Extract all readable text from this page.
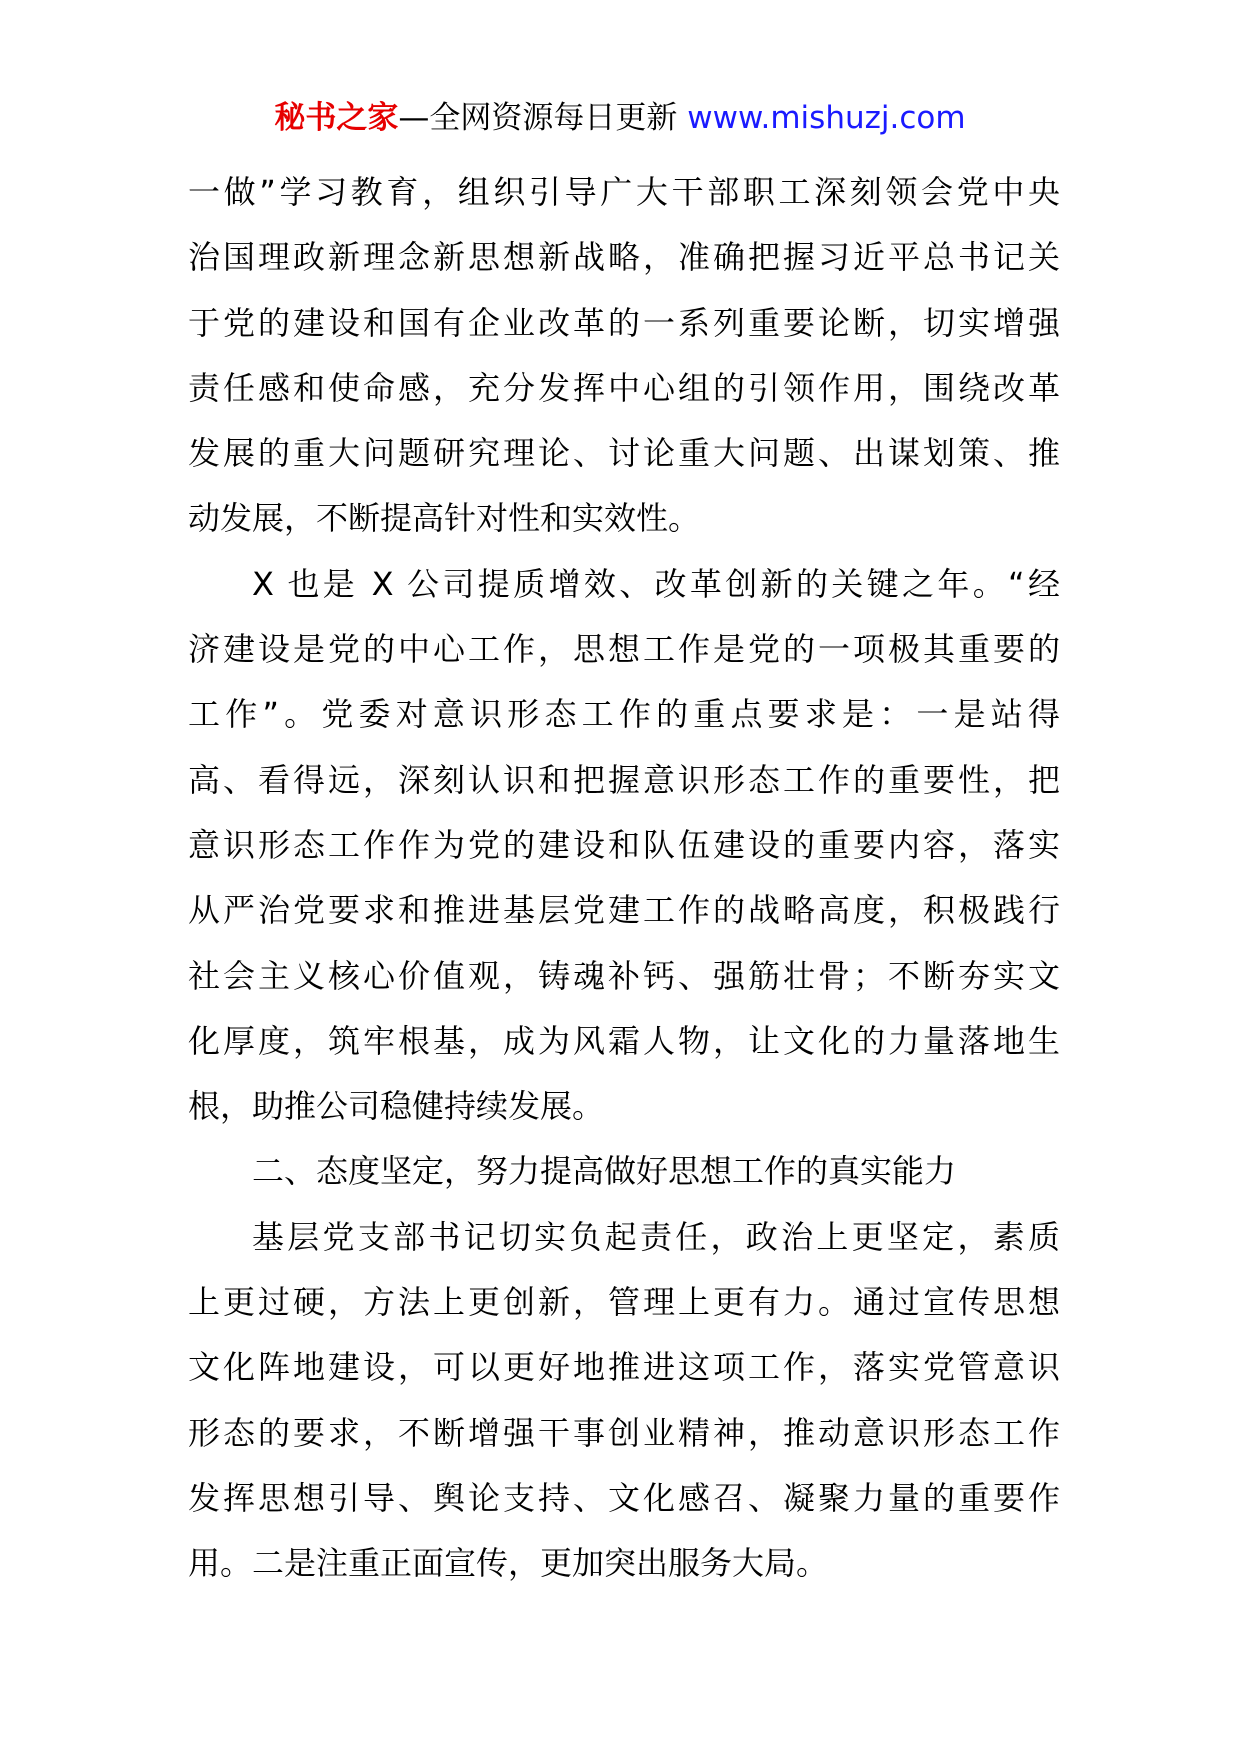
秘书之家—全网资源每日更新 www.mishuzj.com
一做”学习教育，组织引导广大干部职工深刻领会党中央
治国理政新理念新思想新战略，准确把握习近平总书记关
于党的建设和国有企业改革的一系列重要论断，切实增强
责任感和使命感，充分发挥中心组的引领作用，围绕改革
发展的重大问题研究理论、讨论重大问题、出谋划策、推
动发展，不断提高针对性和实效性。
X 也是 X 公司提质增效、改革创新的关键之年。“经
济建设是党的中心工作，思想工作是党的一项极其重要的
工作”。党委对意识形态工作的重点要求是：一是站得
高、看得远，深刻认识和把握意识形态工作的重要性，把
意识形态工作作为党的建设和队伍建设的重要内容，落实
从严治党要求和推进基层党建工作的战略高度，积极践行
社会主义核心价值观，铸魂补钙、强筋壮骨；不断夯实文
化厚度，筑牢根基，成为风霜人物，让文化的力量落地生
根，助推公司稳健持续发展。
二、态度坚定，努力提高做好思想工作的真实能力
基层党支部书记切实负起责任，政治上更坚定，素质
上更过硬，方法上更创新，管理上更有力。通过宣传思想
文化阵地建设，可以更好地推进这项工作，落实党管意识
形态的要求，不断增强干事创业精神，推动意识形态工作
发挥思想引导、舆论支持、文化感召、凝聚力量的重要作
用。二是注重正面宣传，更加突出服务大局。
